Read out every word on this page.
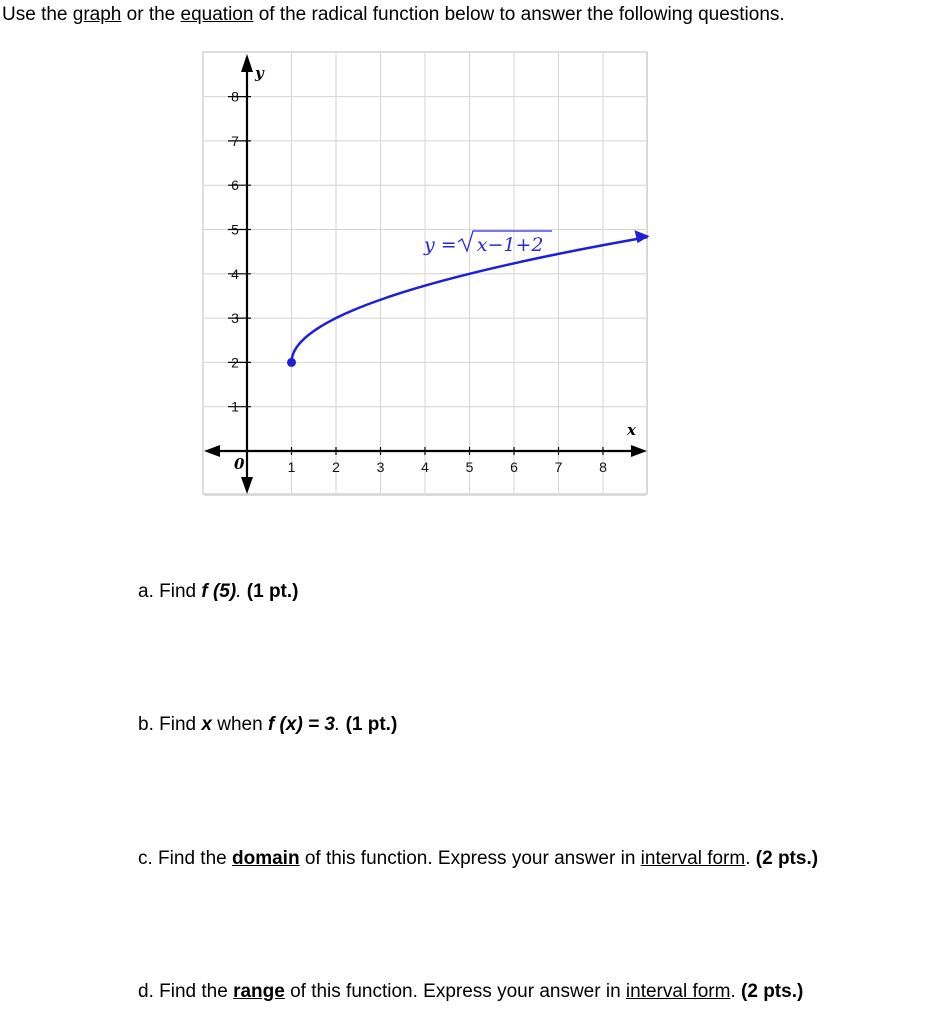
Use the graph or the equation of the radical function below to answer the following questions.
1	2	3	4	5	6	7	8
1
2
3
4
5
6
7
8
y = x−1+2
y
x
0
a. Find f (5). (1 pt.)
b. Find x when f (x) = 3. (1 pt.)
c. Find the domain of this function. Express your answer in interval form. (2 pts.)
d. Find the range of this function. Express your answer in interval form. (2 pts.)
